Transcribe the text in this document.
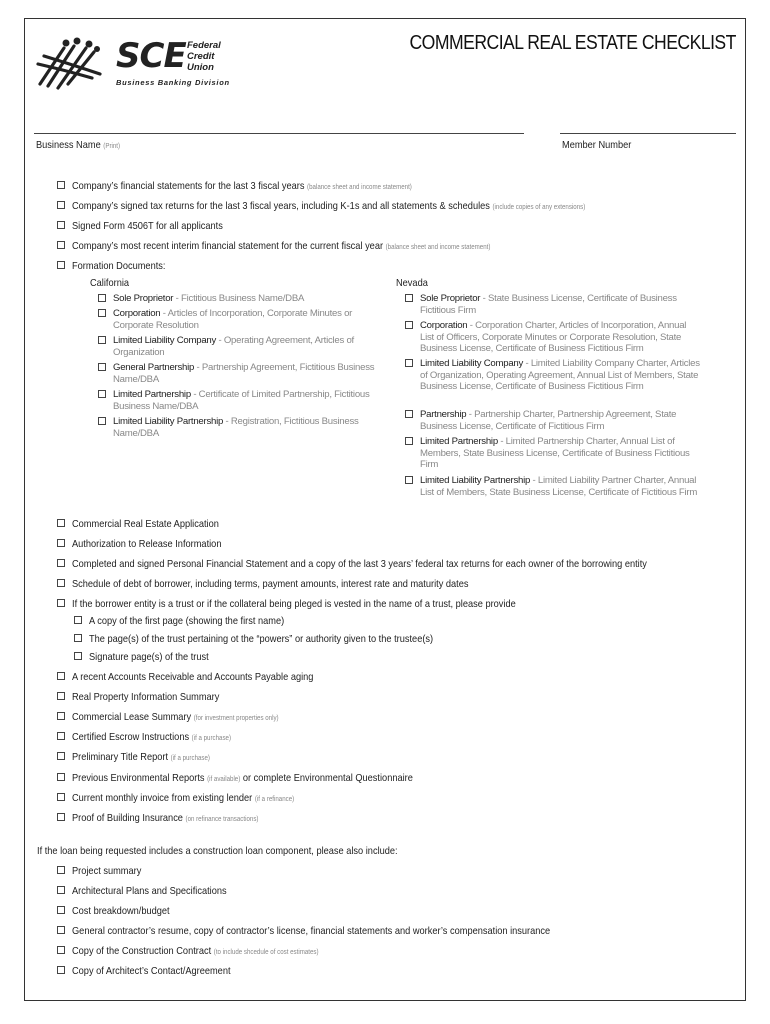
SCE Federal
Credit
Union
Business Banking Division
COMMERCIAL REAL ESTATE CHECKLIST
Business Name (Print)	Member Number
Company’s financial statements for the last 3 fiscal years (balance sheet and income statement)
Company’s signed tax returns for the last 3 fiscal years, including K-1s and all statements & schedules (include copies of any extensions)
Signed Form 4506T for all applicants
Company’s most recent interim financial statement for the current fiscal year (balance sheet and income statement)
Formation Documents:
California	Nevada
Sole Proprietor - Fictitious Business Name/DBA
Corporation - Articles of Incorporation, Corporate Minutes or Corporate Resolution
Limited Liability Company - Operating Agreement, Articles of Organization
General Partnership - Partnership Agreement, Fictitious Business Name/DBA
Limited Partnership - Certificate of Limited Partnership, Fictitious Business Name/DBA
Limited Liability Partnership - Registration, Fictitious Business Name/DBA
Sole Proprietor - State Business License, Certificate of Business Fictitious Firm
Corporation - Corporation Charter, Articles of Incorporation, Annual List of Officers, Corporate Minutes or Corporate Resolution, State Business License, Certificate of Business Fictitious Firm
Limited Liability Company - Limited Liability Company Charter, Articles of Organization, Operating Agreement, Annual List of Members, State Business License, Certificate of Business Fictitious Firm
Partnership - Partnership Charter, Partnership Agreement, State Business License, Certificate of Fictitious Firm
Limited Partnership - Limited Partnership Charter, Annual List of Members, State Business License, Certificate of Business Fictitious Firm
Limited Liability Partnership - Limited Liability Partner Charter, Annual List of Members, State Business License, Certificate of Fictitious Firm
Commercial Real Estate Application
Authorization to Release Information
Completed and signed Personal Financial Statement and a copy of the last 3 years’ federal tax returns for each owner of the borrowing entity
Schedule of debt of borrower, including terms, payment amounts, interest rate and maturity dates
If the borrower entity is a trust or if the collateral being pleged is vested in the name of a trust, please provide
A copy of the first page (showing the first name)
The page(s) of the trust pertaining ot the “powers” or authority given to the trustee(s)
Signature page(s) of the trust
A recent Accounts Receivable and Accounts Payable aging
Real Property Information Summary
Commercial Lease Summary (for investment properties only)
Certified Escrow Instructions (if a purchase)
Preliminary Title Report (if a purchase)
Previous Environmental Reports (if available) or complete Environmental Questionnaire
Current monthly invoice from existing lender (if a refinance)
Proof of Building Insurance (on refinance transactions)
If the loan being requested includes a construction loan component, please also include:
Project summary
Architectural Plans and Specifications
Cost breakdown/budget
General contractor’s resume, copy of contractor’s license, financial statements and worker’s compensation insurance
Copy of the Construction Contract (to include shcedule of cost estimates)
Copy of Architect’s Contact/Agreement
